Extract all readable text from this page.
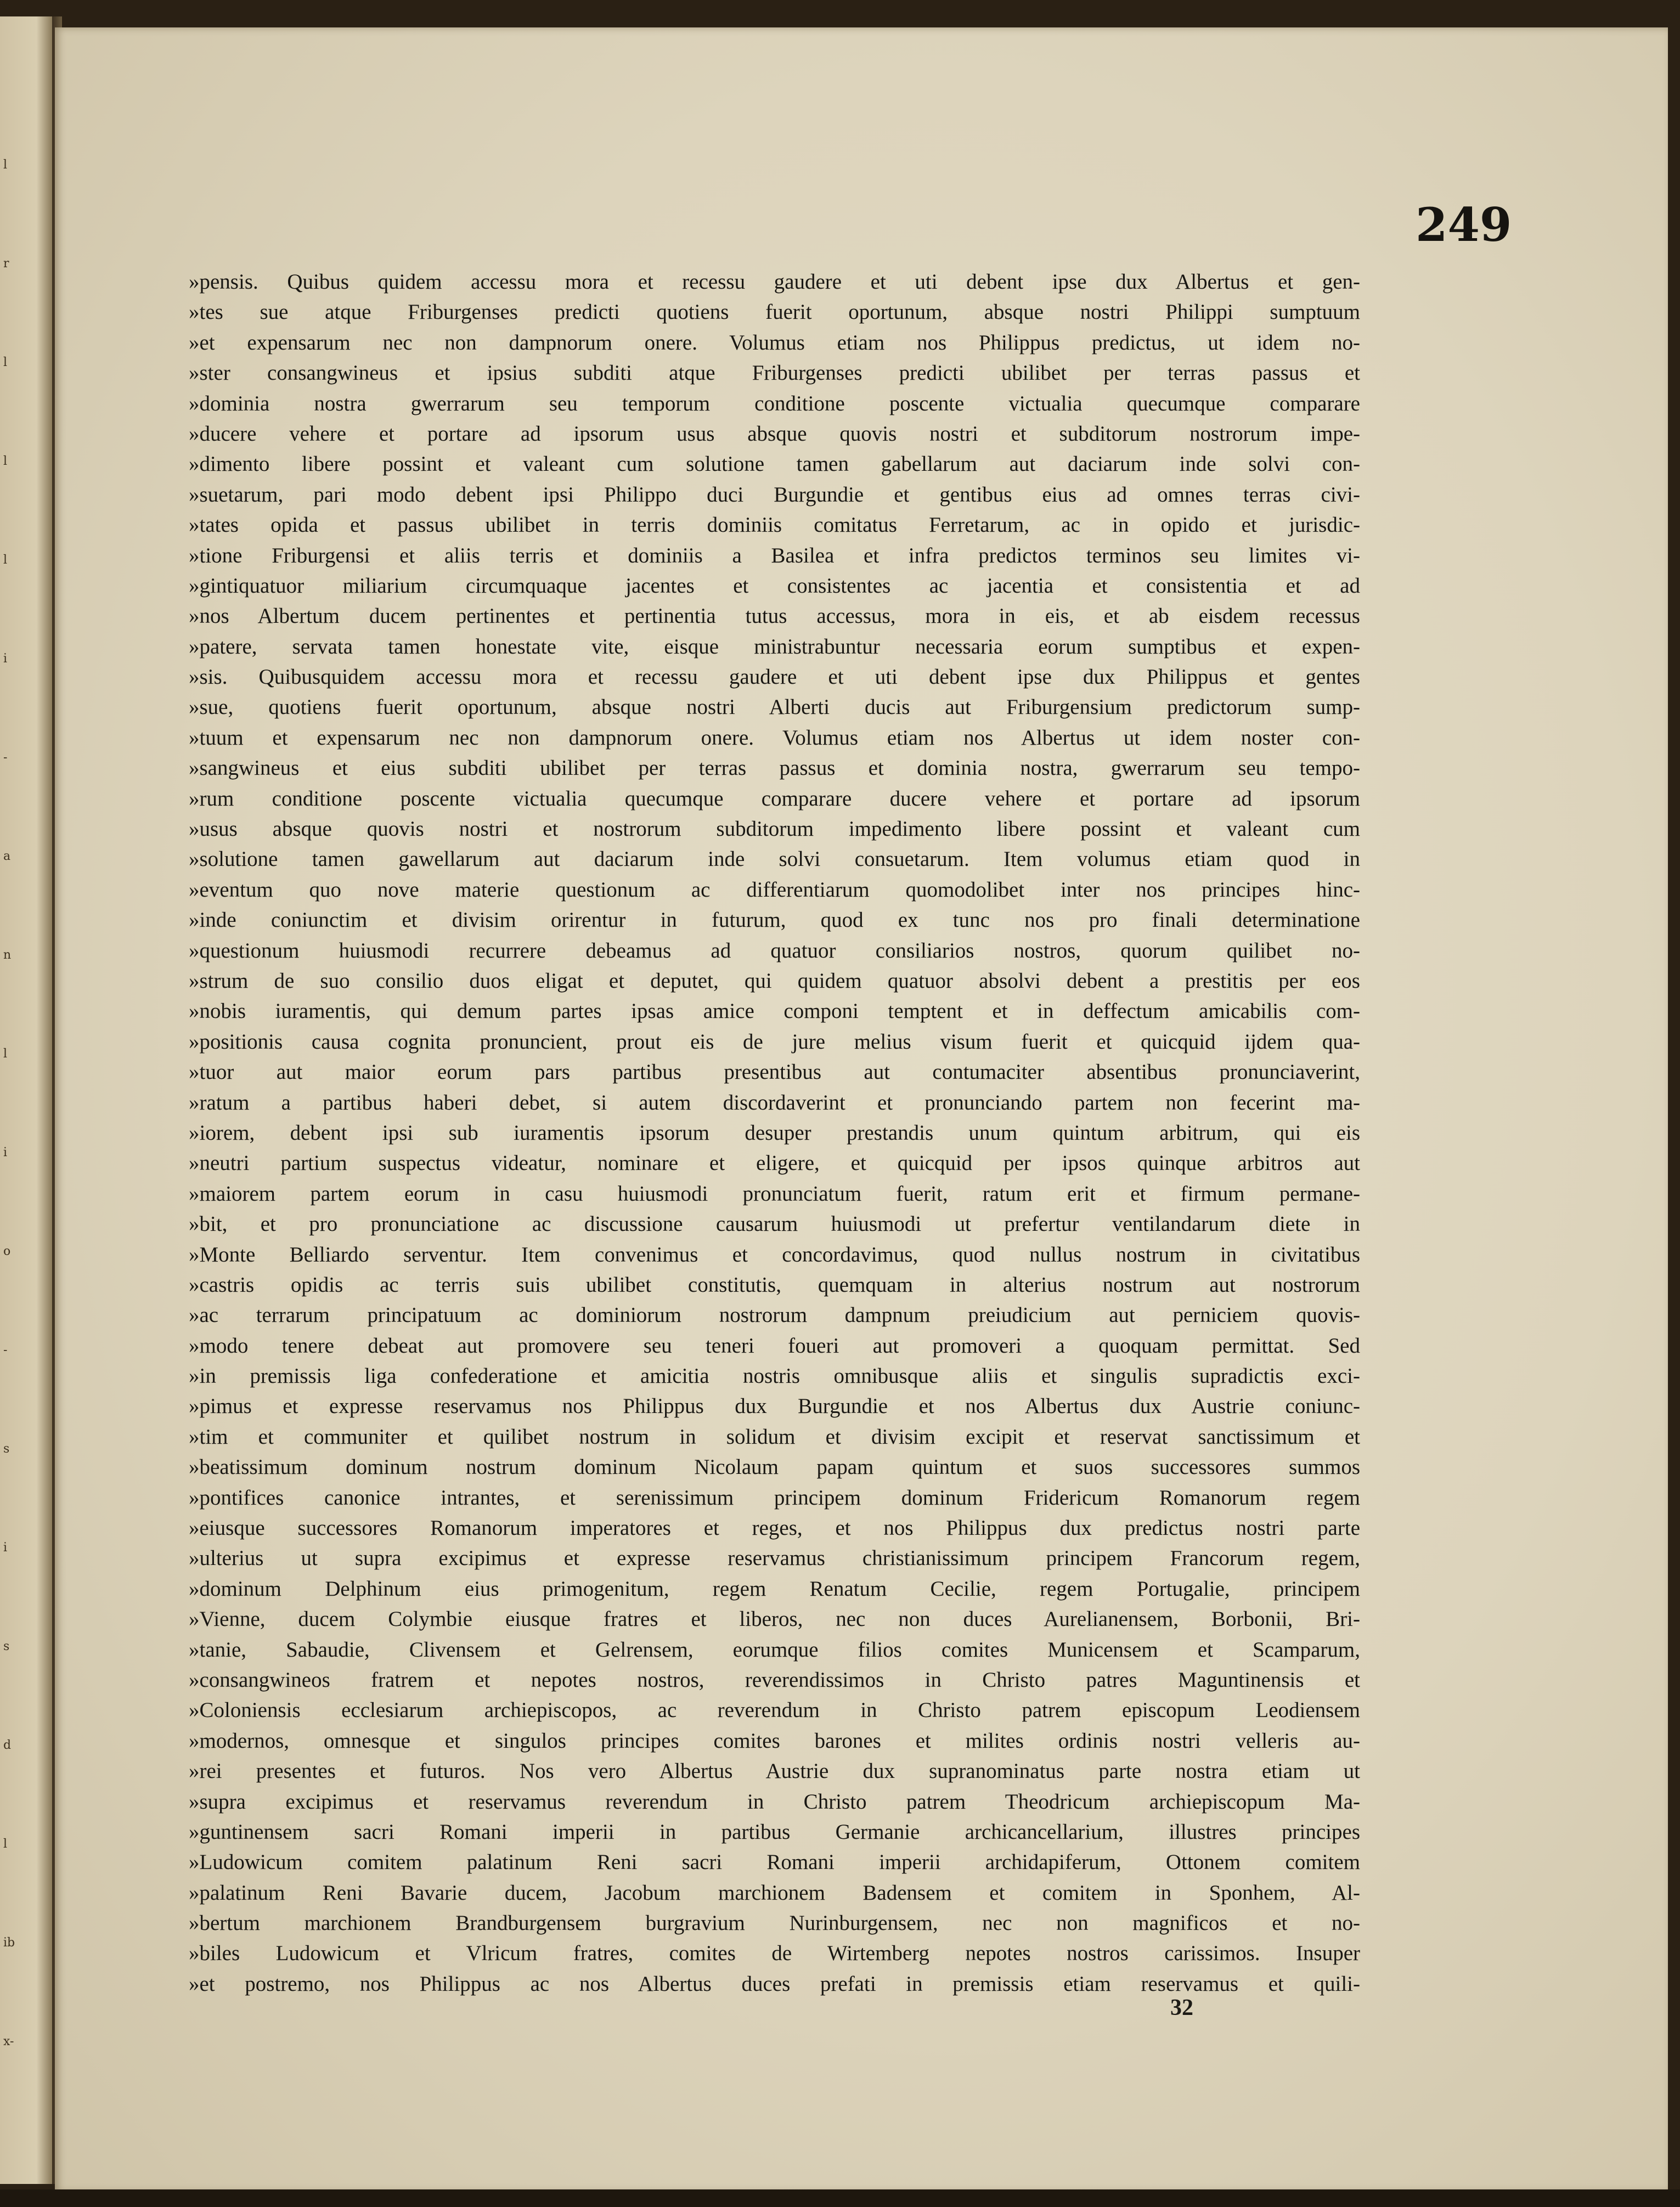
l
r
l
l
l
i
-
a
n
l
i
o
-
s
i
s
d
l
ib
x-
249
»pensis. Quibus quidem accessu mora et recessu gaudere et uti debent ipse dux Albertus et gen-
»tes sue atque Friburgenses predicti quotiens fuerit oportunum, absque nostri Philippi sumptuum
»et expensarum nec non dampnorum onere. Volumus etiam nos Philippus predictus, ut idem no-
»ster consangwineus et ipsius subditi atque Friburgenses predicti ubilibet per terras passus et
»dominia nostra gwerrarum seu temporum conditione poscente victualia quecumque comparare
»ducere vehere et portare ad ipsorum usus absque quovis nostri et subditorum nostrorum impe-
»dimento libere possint et valeant cum solutione tamen gabellarum aut daciarum inde solvi con-
»suetarum, pari modo debent ipsi Philippo duci Burgundie et gentibus eius ad omnes terras civi-
»tates opida et passus ubilibet in terris dominiis comitatus Ferretarum, ac in opido et jurisdic-
»tione Friburgensi et aliis terris et dominiis a Basilea et infra predictos terminos seu limites vi-
»gintiquatuor miliarium circumquaque jacentes et consistentes ac jacentia et consistentia et ad
»nos Albertum ducem pertinentes et pertinentia tutus accessus, mora in eis, et ab eisdem recessus
»patere, servata tamen honestate vite, eisque ministrabuntur necessaria eorum sumptibus et expen-
»sis. Quibusquidem accessu mora et recessu gaudere et uti debent ipse dux Philippus et gentes
»sue, quotiens fuerit oportunum, absque nostri Alberti ducis aut Friburgensium predictorum sump-
»tuum et expensarum nec non dampnorum onere. Volumus etiam nos Albertus ut idem noster con-
»sangwineus et eius subditi ubilibet per terras passus et dominia nostra, gwerrarum seu tempo-
»rum conditione poscente victualia quecumque comparare ducere vehere et portare ad ipsorum
»usus absque quovis nostri et nostrorum subditorum impedimento libere possint et valeant cum
»solutione tamen gawellarum aut daciarum inde solvi consuetarum. Item volumus etiam quod in
»eventum quo nove materie questionum ac differentiarum quomodolibet inter nos principes hinc-
»inde coniunctim et divisim orirentur in futurum, quod ex tunc nos pro finali determinatione
»questionum huiusmodi recurrere debeamus ad quatuor consiliarios nostros, quorum quilibet no-
»strum de suo consilio duos eligat et deputet, qui quidem quatuor absolvi debent a prestitis per eos
»nobis iuramentis, qui demum partes ipsas amice componi temptent et in deffectum amicabilis com-
»positionis causa cognita pronuncient, prout eis de jure melius visum fuerit et quicquid ijdem qua-
»tuor aut maior eorum pars partibus presentibus aut contumaciter absentibus pronunciaverint,
»ratum a partibus haberi debet, si autem discordaverint et pronunciando partem non fecerint ma-
»iorem, debent ipsi sub iuramentis ipsorum desuper prestandis unum quintum arbitrum, qui eis
»neutri partium suspectus videatur, nominare et eligere, et quicquid per ipsos quinque arbitros aut
»maiorem partem eorum in casu huiusmodi pronunciatum fuerit, ratum erit et firmum permane-
»bit, et pro pronunciatione ac discussione causarum huiusmodi ut prefertur ventilandarum diete in
»Monte Belliardo serventur. Item convenimus et concordavimus, quod nullus nostrum in civitatibus
»castris opidis ac terris suis ubilibet constitutis, quemquam in alterius nostrum aut nostrorum
»ac terrarum principatuum ac dominiorum nostrorum dampnum preiudicium aut perniciem quovis-
»modo tenere debeat aut promovere seu teneri foueri aut promoveri a quoquam permittat. Sed
»in premissis liga confederatione et amicitia nostris omnibusque aliis et singulis supradictis exci-
»pimus et expresse reservamus nos Philippus dux Burgundie et nos Albertus dux Austrie coniunc-
»tim et communiter et quilibet nostrum in solidum et divisim excipit et reservat sanctissimum et
»beatissimum dominum nostrum dominum Nicolaum papam quintum et suos successores summos
»pontifices canonice intrantes, et serenissimum principem dominum Fridericum Romanorum regem
»eiusque successores Romanorum imperatores et reges, et nos Philippus dux predictus nostri parte
»ulterius ut supra excipimus et expresse reservamus christianissimum principem Francorum regem,
»dominum Delphinum eius primogenitum, regem Renatum Cecilie, regem Portugalie, principem
»Vienne, ducem Colymbie eiusque fratres et liberos, nec non duces Aurelianensem, Borbonii, Bri-
»tanie, Sabaudie, Clivensem et Gelrensem, eorumque filios comites Municensem et Scamparum,
»consangwineos fratrem et nepotes nostros, reverendissimos in Christo patres Maguntinensis et
»Coloniensis ecclesiarum archiepiscopos, ac reverendum in Christo patrem episcopum Leodiensem
»modernos, omnesque et singulos principes comites barones et milites ordinis nostri velleris au-
»rei presentes et futuros. Nos vero Albertus Austrie dux supranominatus parte nostra etiam ut
»supra excipimus et reservamus reverendum in Christo patrem Theodricum archiepiscopum Ma-
»guntinensem sacri Romani imperii in partibus Germanie archicancellarium, illustres principes
»Ludowicum comitem palatinum Reni sacri Romani imperii archidapiferum, Ottonem comitem
»palatinum Reni Bavarie ducem, Jacobum marchionem Badensem et comitem in Sponhem, Al-
»bertum marchionem Brandburgensem burgravium Nurinburgensem, nec non magnificos et no-
»biles Ludowicum et Vlricum fratres, comites de Wirtemberg nepotes nostros carissimos. Insuper
»et postremo, nos Philippus ac nos Albertus duces prefati in premissis etiam reservamus et quili-
32
